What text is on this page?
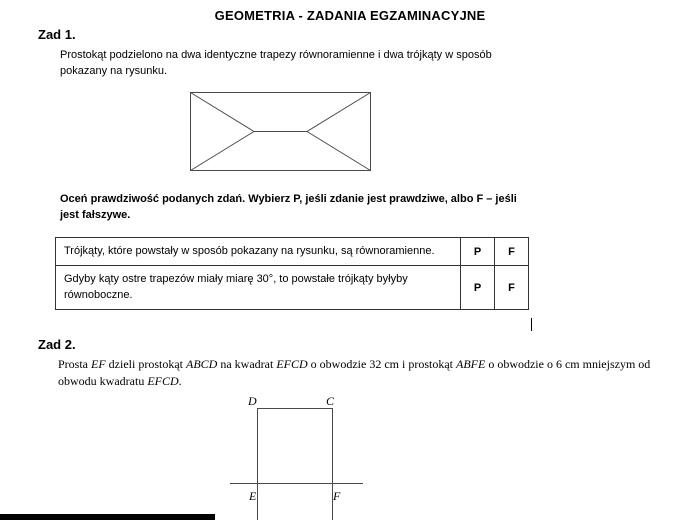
GEOMETRIA - ZADANIA EGZAMINACYJNE
Zad 1.
Prostokąt podzielono na dwa identyczne trapezy równoramienne i dwa trójkąty w sposób pokazany na rysunku.
Oceń prawdziwość podanych zdań. Wybierz P, jeśli zdanie jest prawdziwe, albo F – jeśli jest fałszywe.
Trójkąty, które powstały w sposób pokazany na rysunku, są równoramienne.	P	F
Gdyby kąty ostre trapezów miały miarę 30°, to powstałe trójkąty byłyby równoboczne.	P	F
Zad 2.
Prosta EF dzieli prostokąt ABCD na kwadrat EFCD o obwodzie 32 cm i prostokąt ABFE o obwodzie o 6 cm mniejszym od obwodu kwadratu EFCD.
D	C
E	F
